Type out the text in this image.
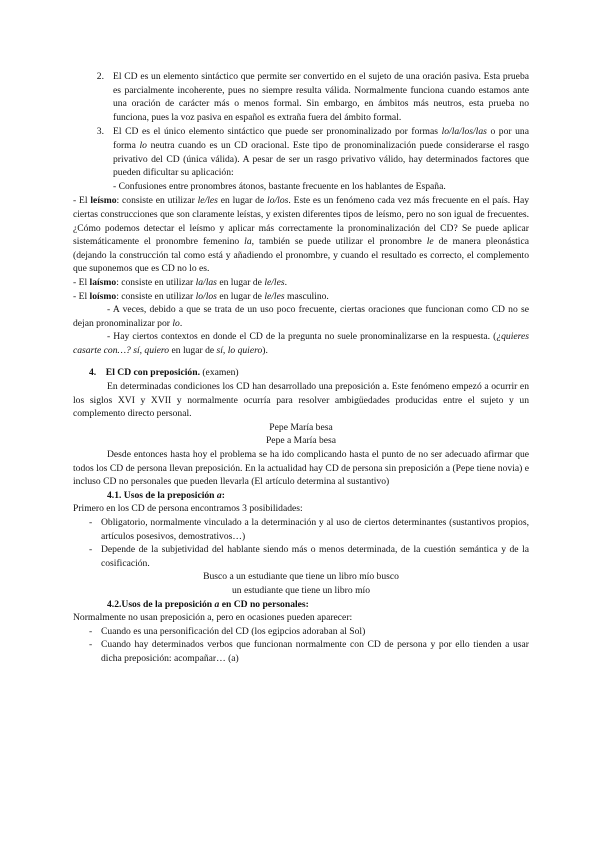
2. El CD es un elemento sintáctico que permite ser convertido en el sujeto de una oración pasiva. Esta prueba es parcialmente incoherente, pues no siempre resulta válida. Normalmente funciona cuando estamos ante una oración de carácter más o menos formal. Sin embargo, en ámbitos más neutros, esta prueba no funciona, pues la voz pasiva en español es extraña fuera del ámbito formal.
3. El CD es el único elemento sintáctico que puede ser pronominalizado por formas lo/la/los/las o por una forma lo neutra cuando es un CD oracional. Este tipo de pronominalización puede considerarse el rasgo privativo del CD (única válida). A pesar de ser un rasgo privativo válido, hay determinados factores que pueden dificultar su aplicación:
- Confusiones entre pronombres átonos, bastante frecuente en los hablantes de España.

- El leísmo: consiste en utilizar le/les en lugar de lo/los. Este es un fenómeno cada vez más frecuente en el país. Hay ciertas construcciones que son claramente leístas, y existen diferentes tipos de leísmo, pero no son igual de frecuentes. ¿Cómo podemos detectar el leísmo y aplicar más correctamente la pronominalización del CD? Se puede aplicar sistemáticamente el pronombre femenino la, también se puede utilizar el pronombre le de manera pleonástica (dejando la construcción tal como está y añadiendo el pronombre, y cuando el resultado es correcto, el complemento que suponemos que es CD no lo es.

- El laísmo: consiste en utilizar la/las en lugar de le/les.

- El loísmo: consiste en utilizar lo/los en lugar de le/les masculino.

- A veces, debido a que se trata de un uso poco frecuente, ciertas oraciones que funcionan como CD no se dejan pronominalizar por lo.

- Hay ciertos contextos en donde el CD de la pregunta no suele pronominalizarse en la respuesta. (¿quieres casarte con…? sí, quiero en lugar de sí, lo quiero).

4. El CD con preposición. (examen)

En determinadas condiciones los CD han desarrollado una preposición a. Este fenómeno empezó a ocurrir en los siglos XVI y XVII y normalmente ocurría para resolver ambigüedades producidas entre el sujeto y un complemento directo personal.

Pepe María besa

Pepe a María besa

Desde entonces hasta hoy el problema se ha ido complicando hasta el punto de no ser adecuado afirmar que todos los CD de persona llevan preposición. En la actualidad hay CD de persona sin preposición a (Pepe tiene novia) e incluso CD no personales que pueden llevarla (El artículo determina al sustantivo)

4.1. Usos de la preposición a:

Primero en los CD de persona encontramos 3 posibilidades:

- Obligatorio, normalmente vinculado a la determinación y al uso de ciertos determinantes (sustantivos propios, artículos posesivos, demostrativos…)
- Depende de la subjetividad del hablante siendo más o menos determinada, de la cuestión semántica y de la cosificación.

Busco a un estudiante que tiene un libro mío busco

un estudiante que tiene un libro mío

4.2.Usos de la preposición a en CD no personales:

Normalmente no usan preposición a, pero en ocasiones pueden aparecer:

- Cuando es una personificación del CD (los egipcios adoraban al Sol)
- Cuando hay determinados verbos que funcionan normalmente con CD de persona y por ello tienden a usar dicha preposición: acompañar… (a)
